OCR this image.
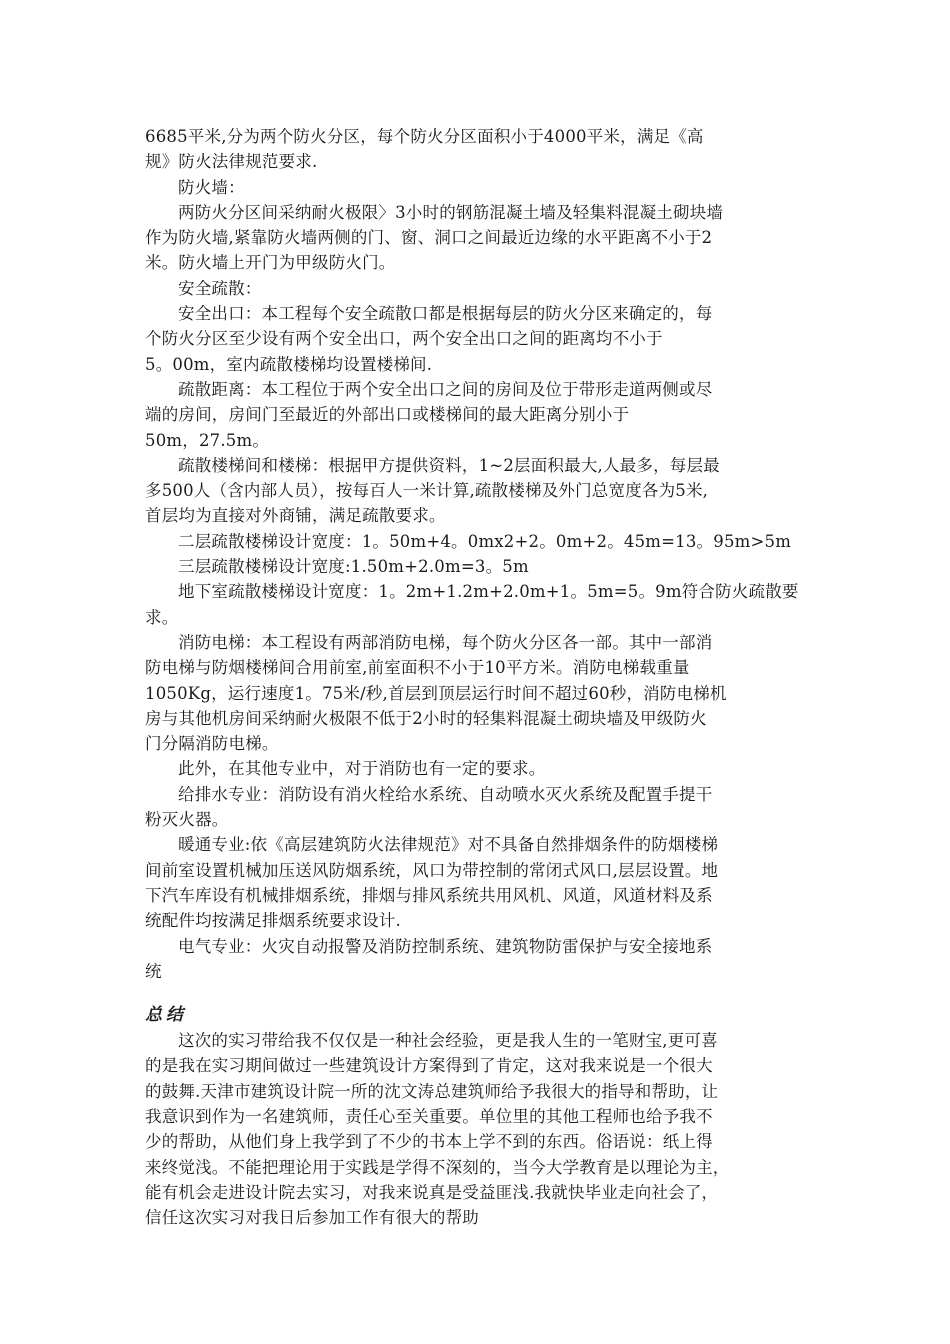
6685平米,分为两个防火分区，每个防火分区面积小于4000平米，满足《高
规》防火法律规范要求.
防火墙：
两防火分区间采纳耐火极限〉3小时的钢筋混凝土墙及轻集料混凝土砌块墙
作为防火墙,紧靠防火墙两侧的门、窗、洞口之间最近边缘的水平距离不小于2
米。防火墙上开门为甲级防火门。
安全疏散：
安全出口：本工程每个安全疏散口都是根据每层的防火分区来确定的，每
个防火分区至少设有两个安全出口，两个安全出口之间的距离均不小于
5。00m，室内疏散楼梯均设置楼梯间.
疏散距离：本工程位于两个安全出口之间的房间及位于带形走道两侧或尽
端的房间，房间门至最近的外部出口或楼梯间的最大距离分别小于
50m，27.5m。
疏散楼梯间和楼梯：根据甲方提供资料，1~2层面积最大,人最多，每层最
多500人（含内部人员），按每百人一米计算,疏散楼梯及外门总宽度各为5米,
首层均为直接对外商铺，满足疏散要求。
二层疏散楼梯设计宽度：1。50m+4。0mx2+2。0m+2。45m=13。95m>5m
三层疏散楼梯设计宽度:1.50m+2.0m=3。5m
地下室疏散楼梯设计宽度：1。2m+1.2m+2.0m+1。5m=5。9m符合防火疏散要
求。
消防电梯：本工程设有两部消防电梯，每个防火分区各一部。其中一部消
防电梯与防烟楼梯间合用前室,前室面积不小于10平方米。消防电梯载重量
1050Kg，运行速度1。75米/秒,首层到顶层运行时间不超过60秒，消防电梯机
房与其他机房间采纳耐火极限不低于2小时的轻集料混凝土砌块墙及甲级防火
门分隔消防电梯。
此外，在其他专业中，对于消防也有一定的要求。
给排水专业：消防设有消火栓给水系统、自动喷水灭火系统及配置手提干
粉灭火器。
暖通专业:依《高层建筑防火法律规范》对不具备自然排烟条件的防烟楼梯
间前室设置机械加压送风防烟系统，风口为带控制的常闭式风口,层层设置。地
下汽车库设有机械排烟系统，排烟与排风系统共用风机、风道，风道材料及系
统配件均按满足排烟系统要求设计.
电气专业：火灾自动报警及消防控制系统、建筑物防雷保护与安全接地系
统
总结
这次的实习带给我不仅仅是一种社会经验，更是我人生的一笔财宝,更可喜
的是我在实习期间做过一些建筑设计方案得到了肯定，这对我来说是一个很大
的鼓舞.天津市建筑设计院一所的沈文涛总建筑师给予我很大的指导和帮助，让
我意识到作为一名建筑师，责任心至关重要。单位里的其他工程师也给予我不
少的帮助，从他们身上我学到了不少的书本上学不到的东西。俗语说：纸上得
来终觉浅。不能把理论用于实践是学得不深刻的，当今大学教育是以理论为主，
能有机会走进设计院去实习，对我来说真是受益匪浅.我就快毕业走向社会了，
信任这次实习对我日后参加工作有很大的帮助
